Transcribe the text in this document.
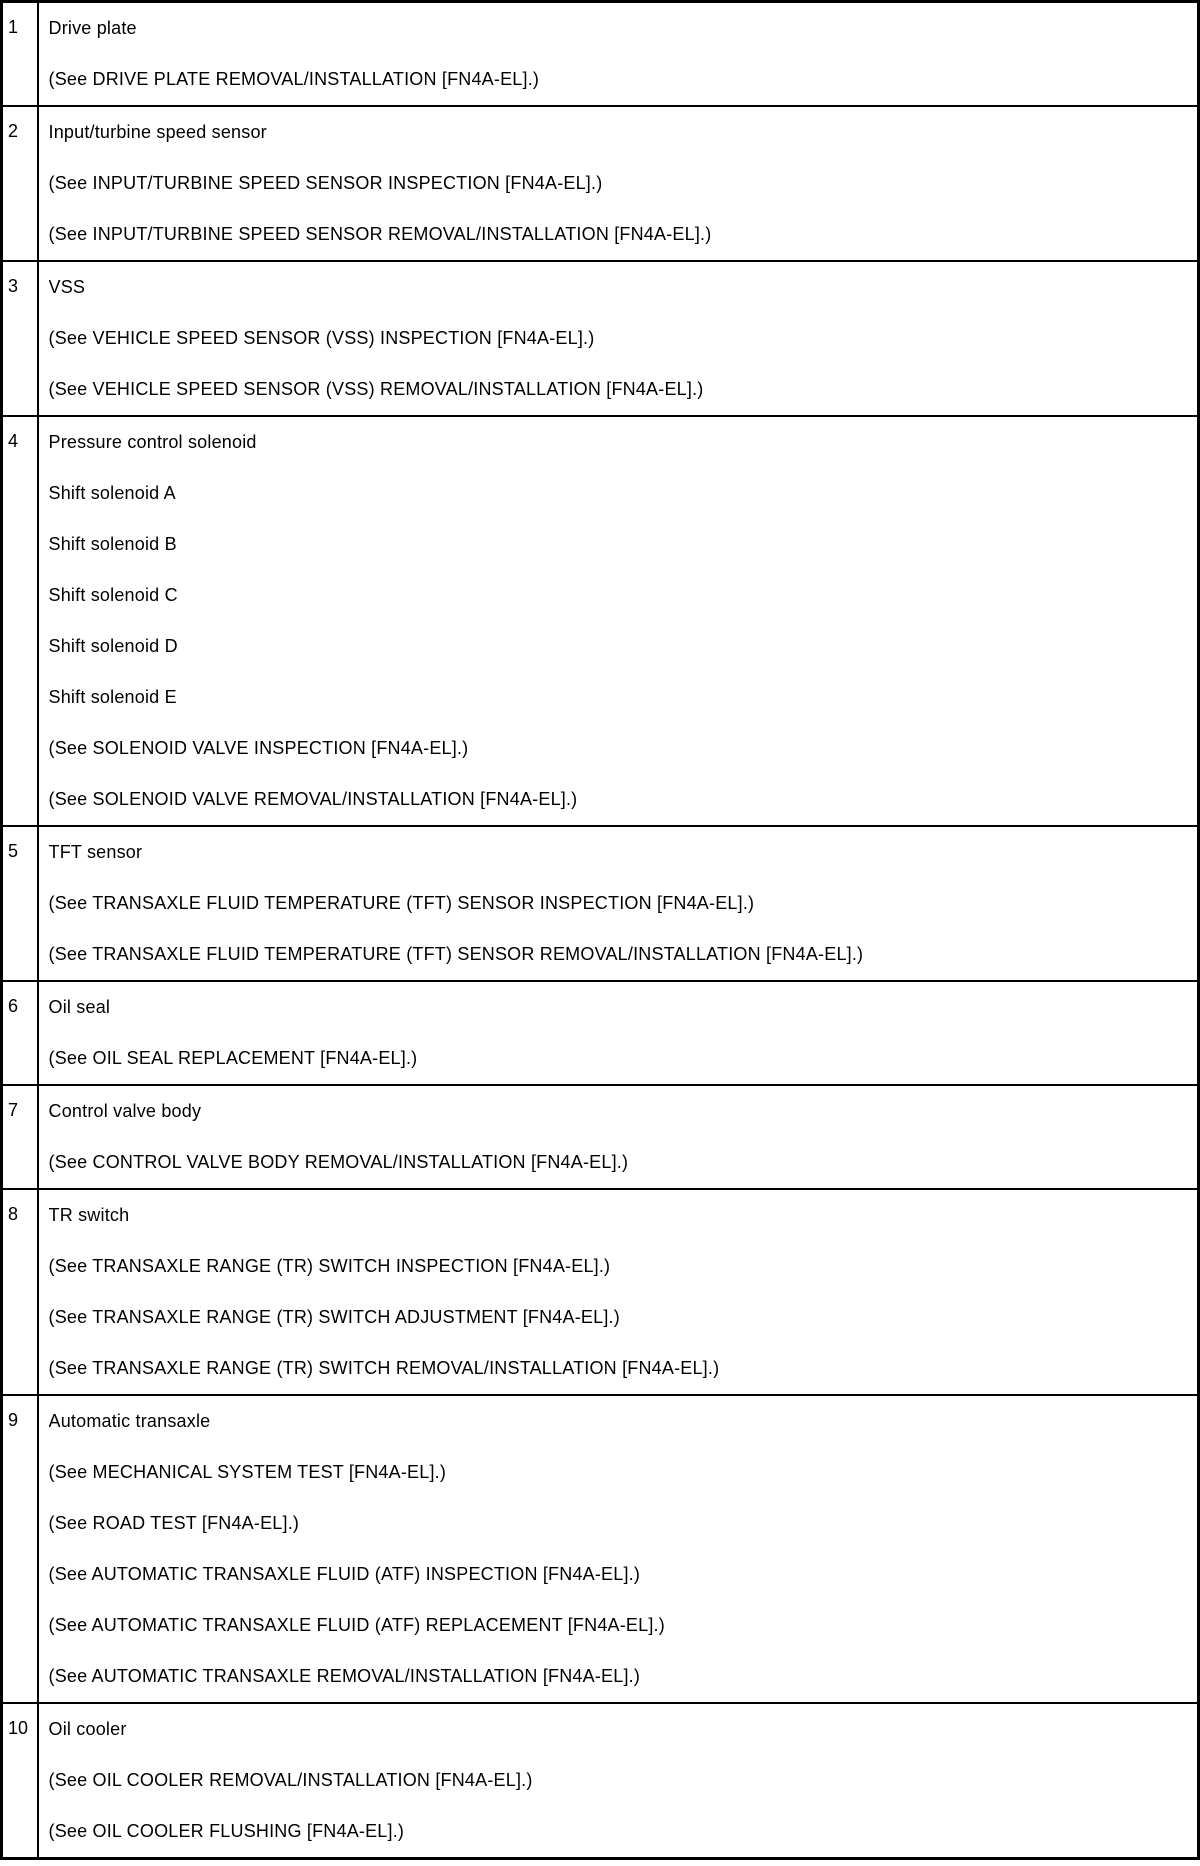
1	Drive plate
(See DRIVE PLATE REMOVAL/INSTALLATION [FN4A-EL].)

2	Input/turbine speed sensor
(See INPUT/TURBINE SPEED SENSOR INSPECTION [FN4A-EL].)
(See INPUT/TURBINE SPEED SENSOR REMOVAL/INSTALLATION [FN4A-EL].)

3	VSS
(See VEHICLE SPEED SENSOR (VSS) INSPECTION [FN4A-EL].)
(See VEHICLE SPEED SENSOR (VSS) REMOVAL/INSTALLATION [FN4A-EL].)

4	Pressure control solenoid
Shift solenoid A
Shift solenoid B
Shift solenoid C
Shift solenoid D
Shift solenoid E
(See SOLENOID VALVE INSPECTION [FN4A-EL].)
(See SOLENOID VALVE REMOVAL/INSTALLATION [FN4A-EL].)

5	TFT sensor
(See TRANSAXLE FLUID TEMPERATURE (TFT) SENSOR INSPECTION [FN4A-EL].)
(See TRANSAXLE FLUID TEMPERATURE (TFT) SENSOR REMOVAL/INSTALLATION [FN4A-EL].)

6	Oil seal
(See OIL SEAL REPLACEMENT [FN4A-EL].)

7	Control valve body
(See CONTROL VALVE BODY REMOVAL/INSTALLATION [FN4A-EL].)

8	TR switch
(See TRANSAXLE RANGE (TR) SWITCH INSPECTION [FN4A-EL].)
(See TRANSAXLE RANGE (TR) SWITCH ADJUSTMENT [FN4A-EL].)
(See TRANSAXLE RANGE (TR) SWITCH REMOVAL/INSTALLATION [FN4A-EL].)

9	Automatic transaxle
(See MECHANICAL SYSTEM TEST [FN4A-EL].)
(See ROAD TEST [FN4A-EL].)
(See AUTOMATIC TRANSAXLE FLUID (ATF) INSPECTION [FN4A-EL].)
(See AUTOMATIC TRANSAXLE FLUID (ATF) REPLACEMENT [FN4A-EL].)
(See AUTOMATIC TRANSAXLE REMOVAL/INSTALLATION [FN4A-EL].)

10	Oil cooler
(See OIL COOLER REMOVAL/INSTALLATION [FN4A-EL].)
(See OIL COOLER FLUSHING [FN4A-EL].)
